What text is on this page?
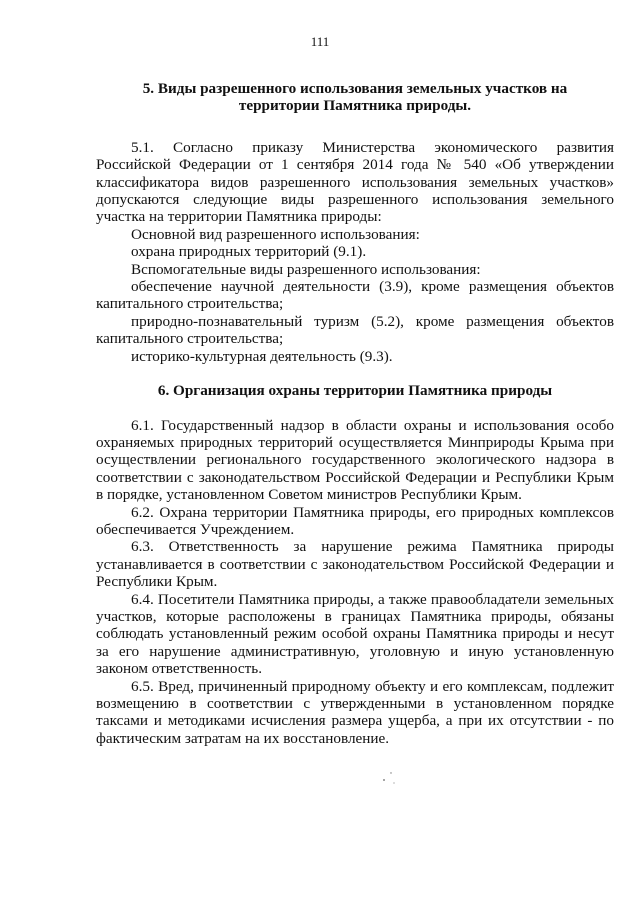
111
5. Виды разрешенного использования земельных участков на
территории Памятника природы.

5.1. Согласно приказу Министерства экономического развития Российской Федерации от 1 сентября 2014 года № 540 «Об утверждении классификатора видов разрешенного использования земельных участков» допускаются следующие виды разрешенного использования земельного участка на территории Памятника природы:

Основной вид разрешенного использования:

охрана природных территорий (9.1).

Вспомогательные виды разрешенного использования:

обеспечение научной деятельности (3.9), кроме размещения объектов капитального строительства;

природно-познавательный туризм (5.2), кроме размещения объектов капитального строительства;

историко-культурная деятельность (9.3).

6. Организация охраны территории Памятника природы

6.1. Государственный надзор в области охраны и использования особо охраняемых природных территорий осуществляется Минприроды Крыма при осуществлении регионального государственного экологического надзора в соответствии с законодательством Российской Федерации и Республики Крым в порядке, установленном Советом министров Республики Крым.

6.2. Охрана территории Памятника природы, его природных комплексов обеспечивается Учреждением.

6.3. Ответственность за нарушение режима Памятника природы устанавливается в соответствии с законодательством Российской Федерации и Республики Крым.

6.4. Посетители Памятника природы, а также правообладатели земельных участков, которые расположены в границах Памятника природы, обязаны соблюдать установленный режим особой охраны Памятника природы и несут за его нарушение административную, уголовную и иную установленную законом ответственность.

6.5. Вред, причиненный природному объекту и его комплексам, подлежит возмещению в соответствии с утвержденными в установленном порядке таксами и методиками исчисления размера ущерба, а при их отсутствии - по фактическим затратам на их восстановление.
